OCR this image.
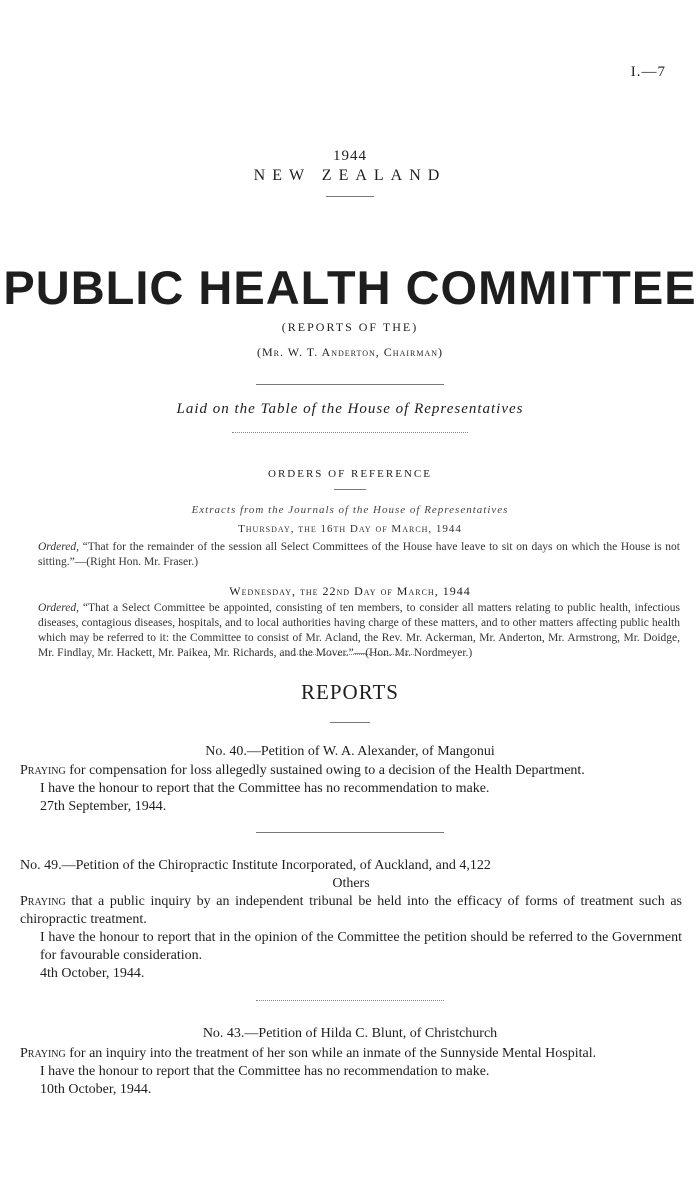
I.—7
1944
NEW ZEALAND
PUBLIC HEALTH COMMITTEE
(REPORTS OF THE)
(Mr. W. T. Anderton, Chairman)
Laid on the Table of the House of Representatives
ORDERS OF REFERENCE
Extracts from the Journals of the House of Representatives
Thursday, the 16th Day of March, 1944

Ordered, “That for the remainder of the session all Select Committees of the House have leave to sit on days on which the House is not sitting.”—(Right Hon. Mr. Fraser.)

Wednesday, the 22nd Day of March, 1944

Ordered, “That a Select Committee be appointed, consisting of ten members, to consider all matters relating to public health, infectious diseases, contagious diseases, hospitals, and to local authorities having charge of these matters, and to other matters affecting public health which may be referred to it: the Committee to consist of Mr. Acland, the Rev. Mr. Ackerman, Mr. Anderton, Mr. Armstrong, Mr. Doidge, Mr. Findlay, Mr. Hackett, Mr. Paikea, Mr. Richards, and the Mover.”—(Hon. Mr. Nordmeyer.)

REPORTS
No. 40.—Petition of W. A. Alexander, of Mangonui

Praying for compensation for loss allegedly sustained owing to a decision of the Health Department.

I have the honour to report that the Committee has no recommendation to make.

27th September, 1944.

No. 49.—Petition of the Chiropractic Institute Incorporated, of Auckland, and 4,122

Others

Praying that a public inquiry by an independent tribunal be held into the efficacy of forms of treatment such as chiropractic treatment.

I have the honour to report that in the opinion of the Committee the petition should be referred to the Government for favourable consideration.

4th October, 1944.

No. 43.—Petition of Hilda C. Blunt, of Christchurch

Praying for an inquiry into the treatment of her son while an inmate of the Sunnyside Mental Hospital.

I have the honour to report that the Committee has no recommendation to make.

10th October, 1944.
